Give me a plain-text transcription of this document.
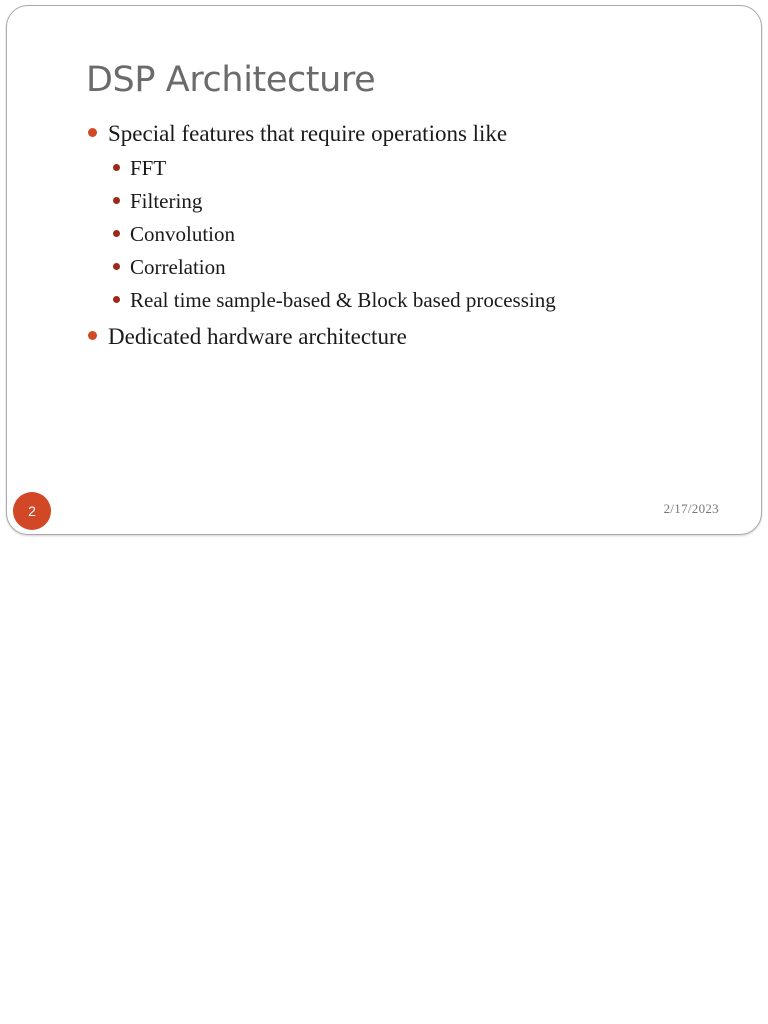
DSP Architecture
Special features that require operations like
FFT
Filtering
Convolution
Correlation
Real time sample-based & Block based processing
Dedicated hardware architecture
2	2/17/2023
